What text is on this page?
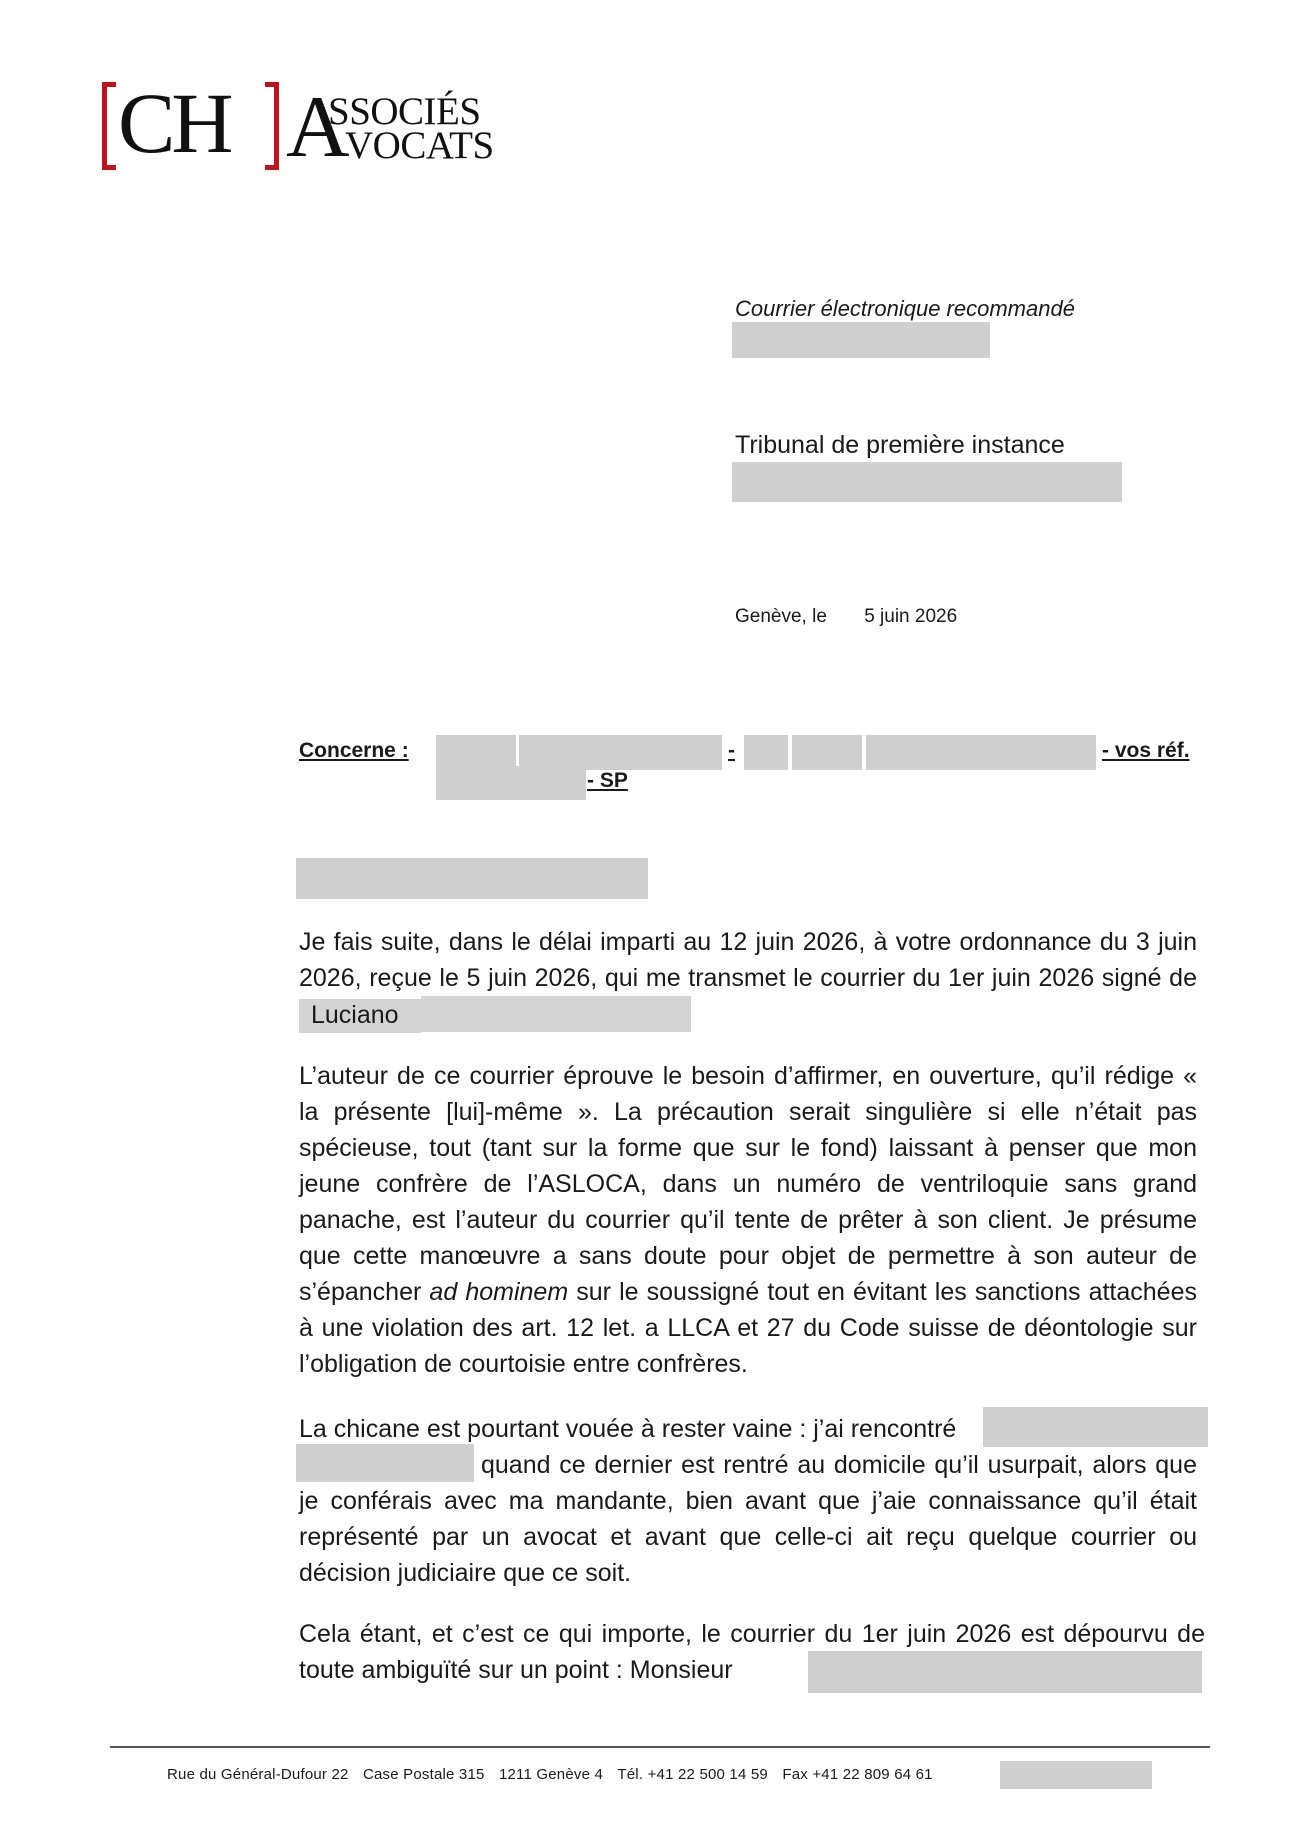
CH A
SSOCIÉS
VOCATS
Courrier électronique recommandé
Tribunal de première instance
Genève, le 5 juin 2026
Concerne :	-	- vos réf.
- SP

Je fais suite, dans le délai imparti au 12 juin 2026, à votre ordonnance du 3 juin 2026, reçue le 5 juin 2026, qui me transmet le courrier du 1er juin 2026 signé de Luciano

L’auteur de ce courrier éprouve le besoin d’affirmer, en ouverture, qu’il rédige « la présente [lui]-même ». La précaution serait singulière si elle n’était pas spécieuse, tout (tant sur la forme que sur le fond) laissant à penser que mon jeune confrère de l’ASLOCA, dans un numéro de ventriloquie sans grand panache, est l’auteur du courrier qu’il tente de prêter à son client. Je présume que cette manœuvre a sans doute pour objet de permettre à son auteur de s’épancher ad hominem sur le soussigné tout en évitant les sanctions attachées à une violation des art. 12 let. a LLCA et 27 du Code suisse de déontologie sur l’obligation de courtoisie entre confrères.

La chicane est pourtant vouée à rester vaine : j’ai rencontré

quand ce dernier est rentré au domicile qu’il usurpait, alors que je conférais avec ma mandante, bien avant que j’aie connaissance qu’il était représenté par un avocat et avant que celle-ci ait reçu quelque courrier ou décision judiciaire que ce soit.

Cela étant, et c’est ce qui importe, le courrier du 1er juin 2026 est dépourvu de toute ambiguïté sur un point : Monsieur

Rue du Général-Dufour 22 Case Postale 315 1211 Genève 4 Tél. +41 22 500 14 59 Fax +41 22 809 64 61
